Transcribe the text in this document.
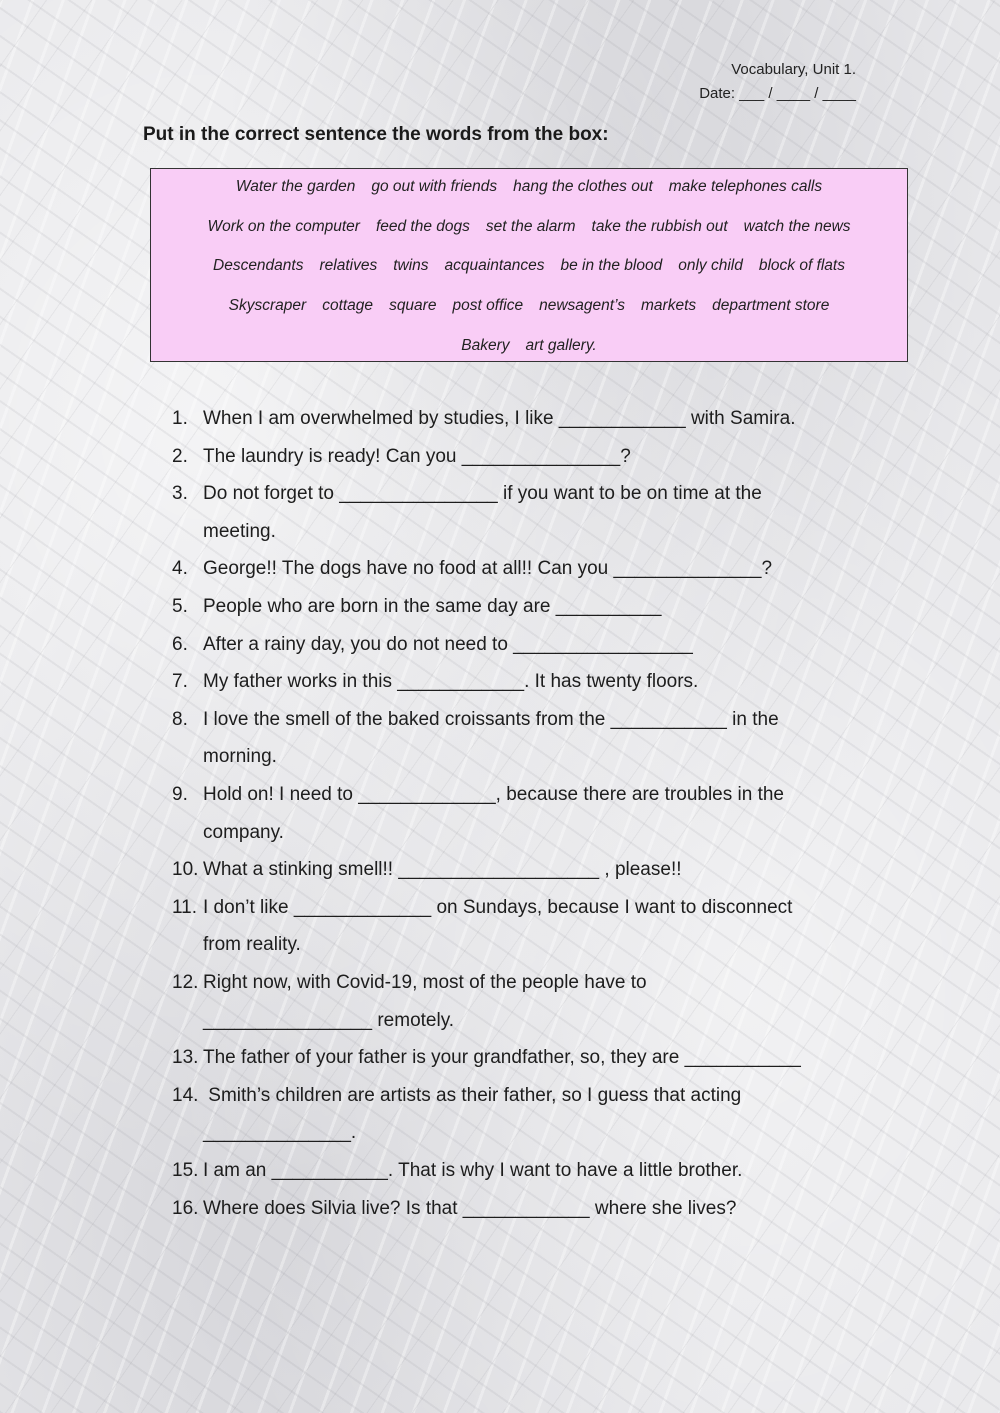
Vocabulary, Unit 1.
Date: ___ / ____ / ____
Put in the correct sentence the words from the box:
Water the garden go out with friends hang the clothes out make telephones calls
Work on the computer feed the dogs set the alarm take the rubbish out watch the news
Descendants relatives twins acquaintances be in the blood only child block of flats
Skyscraper cottage square post office newsagent’s markets department store
Bakery art gallery.
1. When I am overwhelmed by studies, I like ____________ with Samira.
2. The laundry is ready! Can you _______________?
3. Do not forget to _______________ if you want to be on time at the
meeting.
4. George!! The dogs have no food at all!! Can you ______________?
5. People who are born in the same day are __________
6. After a rainy day, you do not need to _________________
7. My father works in this ____________. It has twenty floors.
8. I love the smell of the baked croissants from the ___________ in the
morning.
9. Hold on! I need to _____________, because there are troubles in the
company.
10. What a stinking smell!! ___________________ , please!!
11. I don’t like _____________ on Sundays, because I want to disconnect
from reality.
12. Right now, with Covid-19, most of the people have to
________________ remotely.
13. The father of your father is your grandfather, so, they are ___________
14. Smith’s children are artists as their father, so I guess that acting
______________.
15. I am an ___________. That is why I want to have a little brother.
16. Where does Silvia live? Is that ____________ where she lives?
